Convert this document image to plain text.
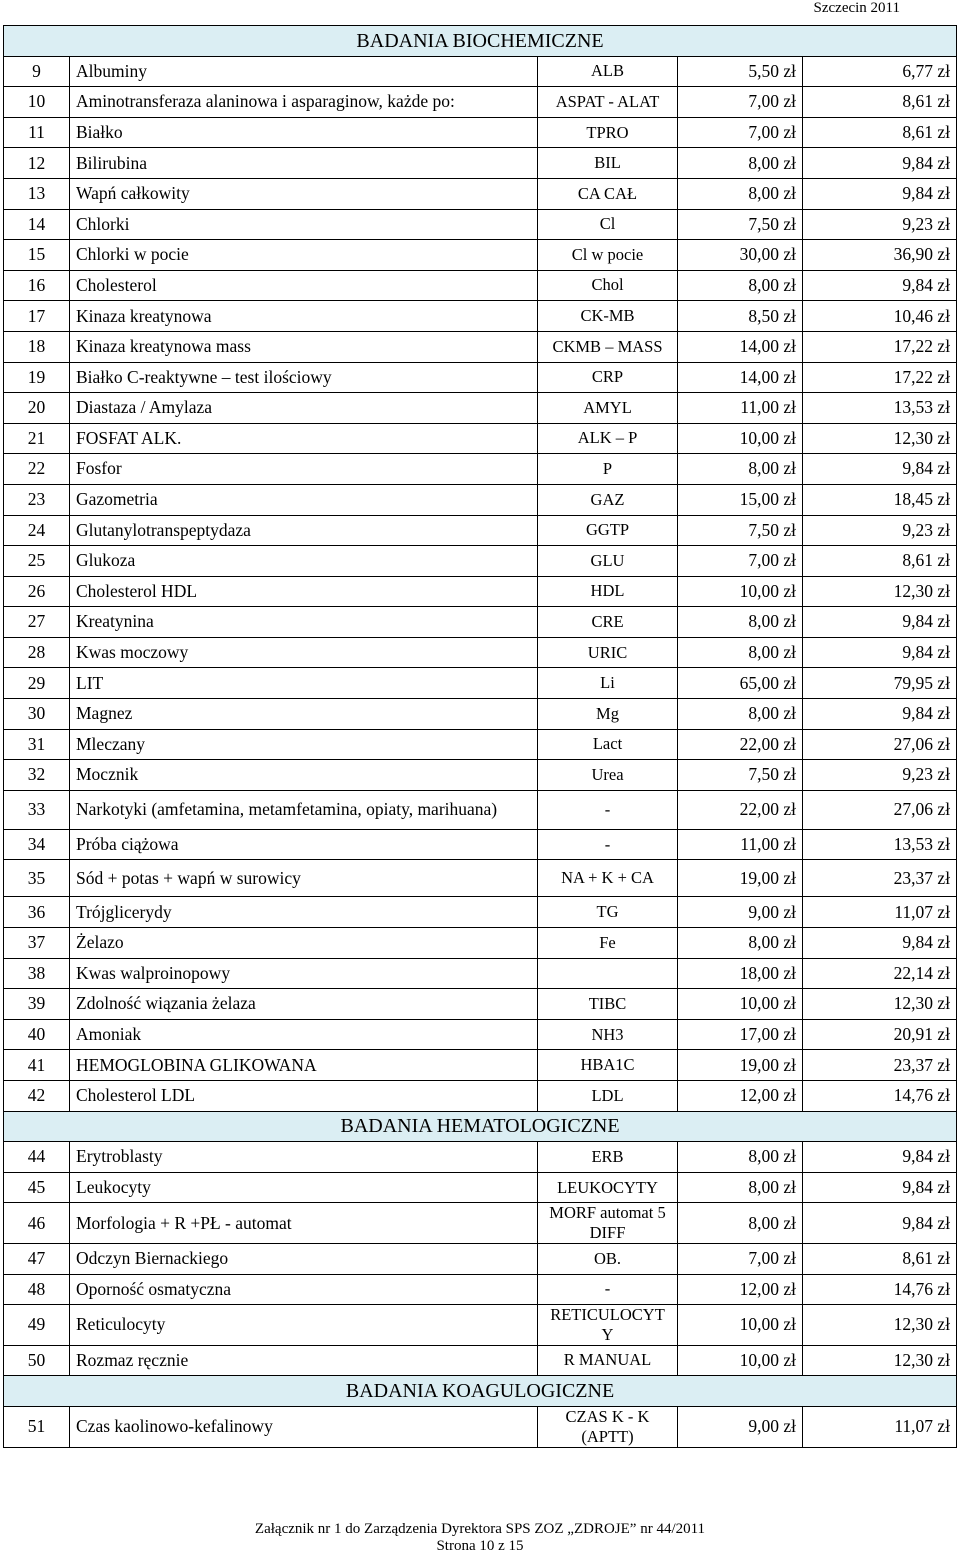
Szczecin 2011
BADANIA BIOCHEMICZNE				
9	Albuminy	ALB	5,50 zł	6,77 zł
10	Aminotransferaza alaninowa i asparaginow, każde po:	ASPAT - ALAT	7,00 zł	8,61 zł
11	Białko	TPRO	7,00 zł	8,61 zł
12	Bilirubina	BIL	8,00 zł	9,84 zł
13	Wapń całkowity	CA CAŁ	8,00 zł	9,84 zł
14	Chlorki	Cl	7,50 zł	9,23 zł
15	Chlorki w pocie	Cl w pocie	30,00 zł	36,90 zł
16	Cholesterol	Chol	8,00 zł	9,84 zł
17	Kinaza kreatynowa	CK-MB	8,50 zł	10,46 zł
18	Kinaza kreatynowa mass	CKMB – MASS	14,00 zł	17,22 zł
19	Białko C-reaktywne – test ilościowy	CRP	14,00 zł	17,22 zł
20	Diastaza / Amylaza	AMYL	11,00 zł	13,53 zł
21	FOSFAT ALK.	ALK – P	10,00 zł	12,30 zł
22	Fosfor	P	8,00 zł	9,84 zł
23	Gazometria	GAZ	15,00 zł	18,45 zł
24	Glutanylotranspeptydaza	GGTP	7,50 zł	9,23 zł
25	Glukoza	GLU	7,00 zł	8,61 zł
26	Cholesterol HDL	HDL	10,00 zł	12,30 zł
27	Kreatynina	CRE	8,00 zł	9,84 zł
28	Kwas moczowy	URIC	8,00 zł	9,84 zł
29	LIT	Li	65,00 zł	79,95 zł
30	Magnez	Mg	8,00 zł	9,84 zł
31	Mleczany	Lact	22,00 zł	27,06 zł
32	Mocznik	Urea	7,50 zł	9,23 zł
33	Narkotyki (amfetamina, metamfetamina, opiaty, marihuana)	-	22,00 zł	27,06 zł
34	Próba ciążowa	-	11,00 zł	13,53 zł
35	Sód + potas + wapń w surowicy	NA + K + CA	19,00 zł	23,37 zł
36	Trójglicerydy	TG	9,00 zł	11,07 zł
37	Żelazo	Fe	8,00 zł	9,84 zł
38	Kwas walproinopowy		18,00 zł	22,14 zł
39	Zdolność wiązania żelaza	TIBC	10,00 zł	12,30 zł
40	Amoniak	NH3	17,00 zł	20,91 zł
41	HEMOGLOBINA GLIKOWANA	HBA1C	19,00 zł	23,37 zł
42	Cholesterol LDL	LDL	12,00 zł	14,76 zł
BADANIA HEMATOLOGICZNE				
44	Erytroblasty	ERB	8,00 zł	9,84 zł
45	Leukocyty	LEUKOCYTY	8,00 zł	9,84 zł
46	Morfologia + R +PŁ - automat	MORF automat 5 DIFF	8,00 zł	9,84 zł
47	Odczyn Biernackiego	OB.	7,00 zł	8,61 zł
48	Oporność osmatyczna	-	12,00 zł	14,76 zł
49	Reticulocyty	RETICULOCYT Y	10,00 zł	12,30 zł
50	Rozmaz ręcznie	R MANUAL	10,00 zł	12,30 zł
BADANIA KOAGULOGICZNE				
51	Czas kaolinowo-kefalinowy	CZAS K - K (APTT)	9,00 zł	11,07 zł
Załącznik nr 1 do Zarządzenia Dyrektora SPS ZOZ „ZDROJE” nr 44/2011
Strona 10 z 15
